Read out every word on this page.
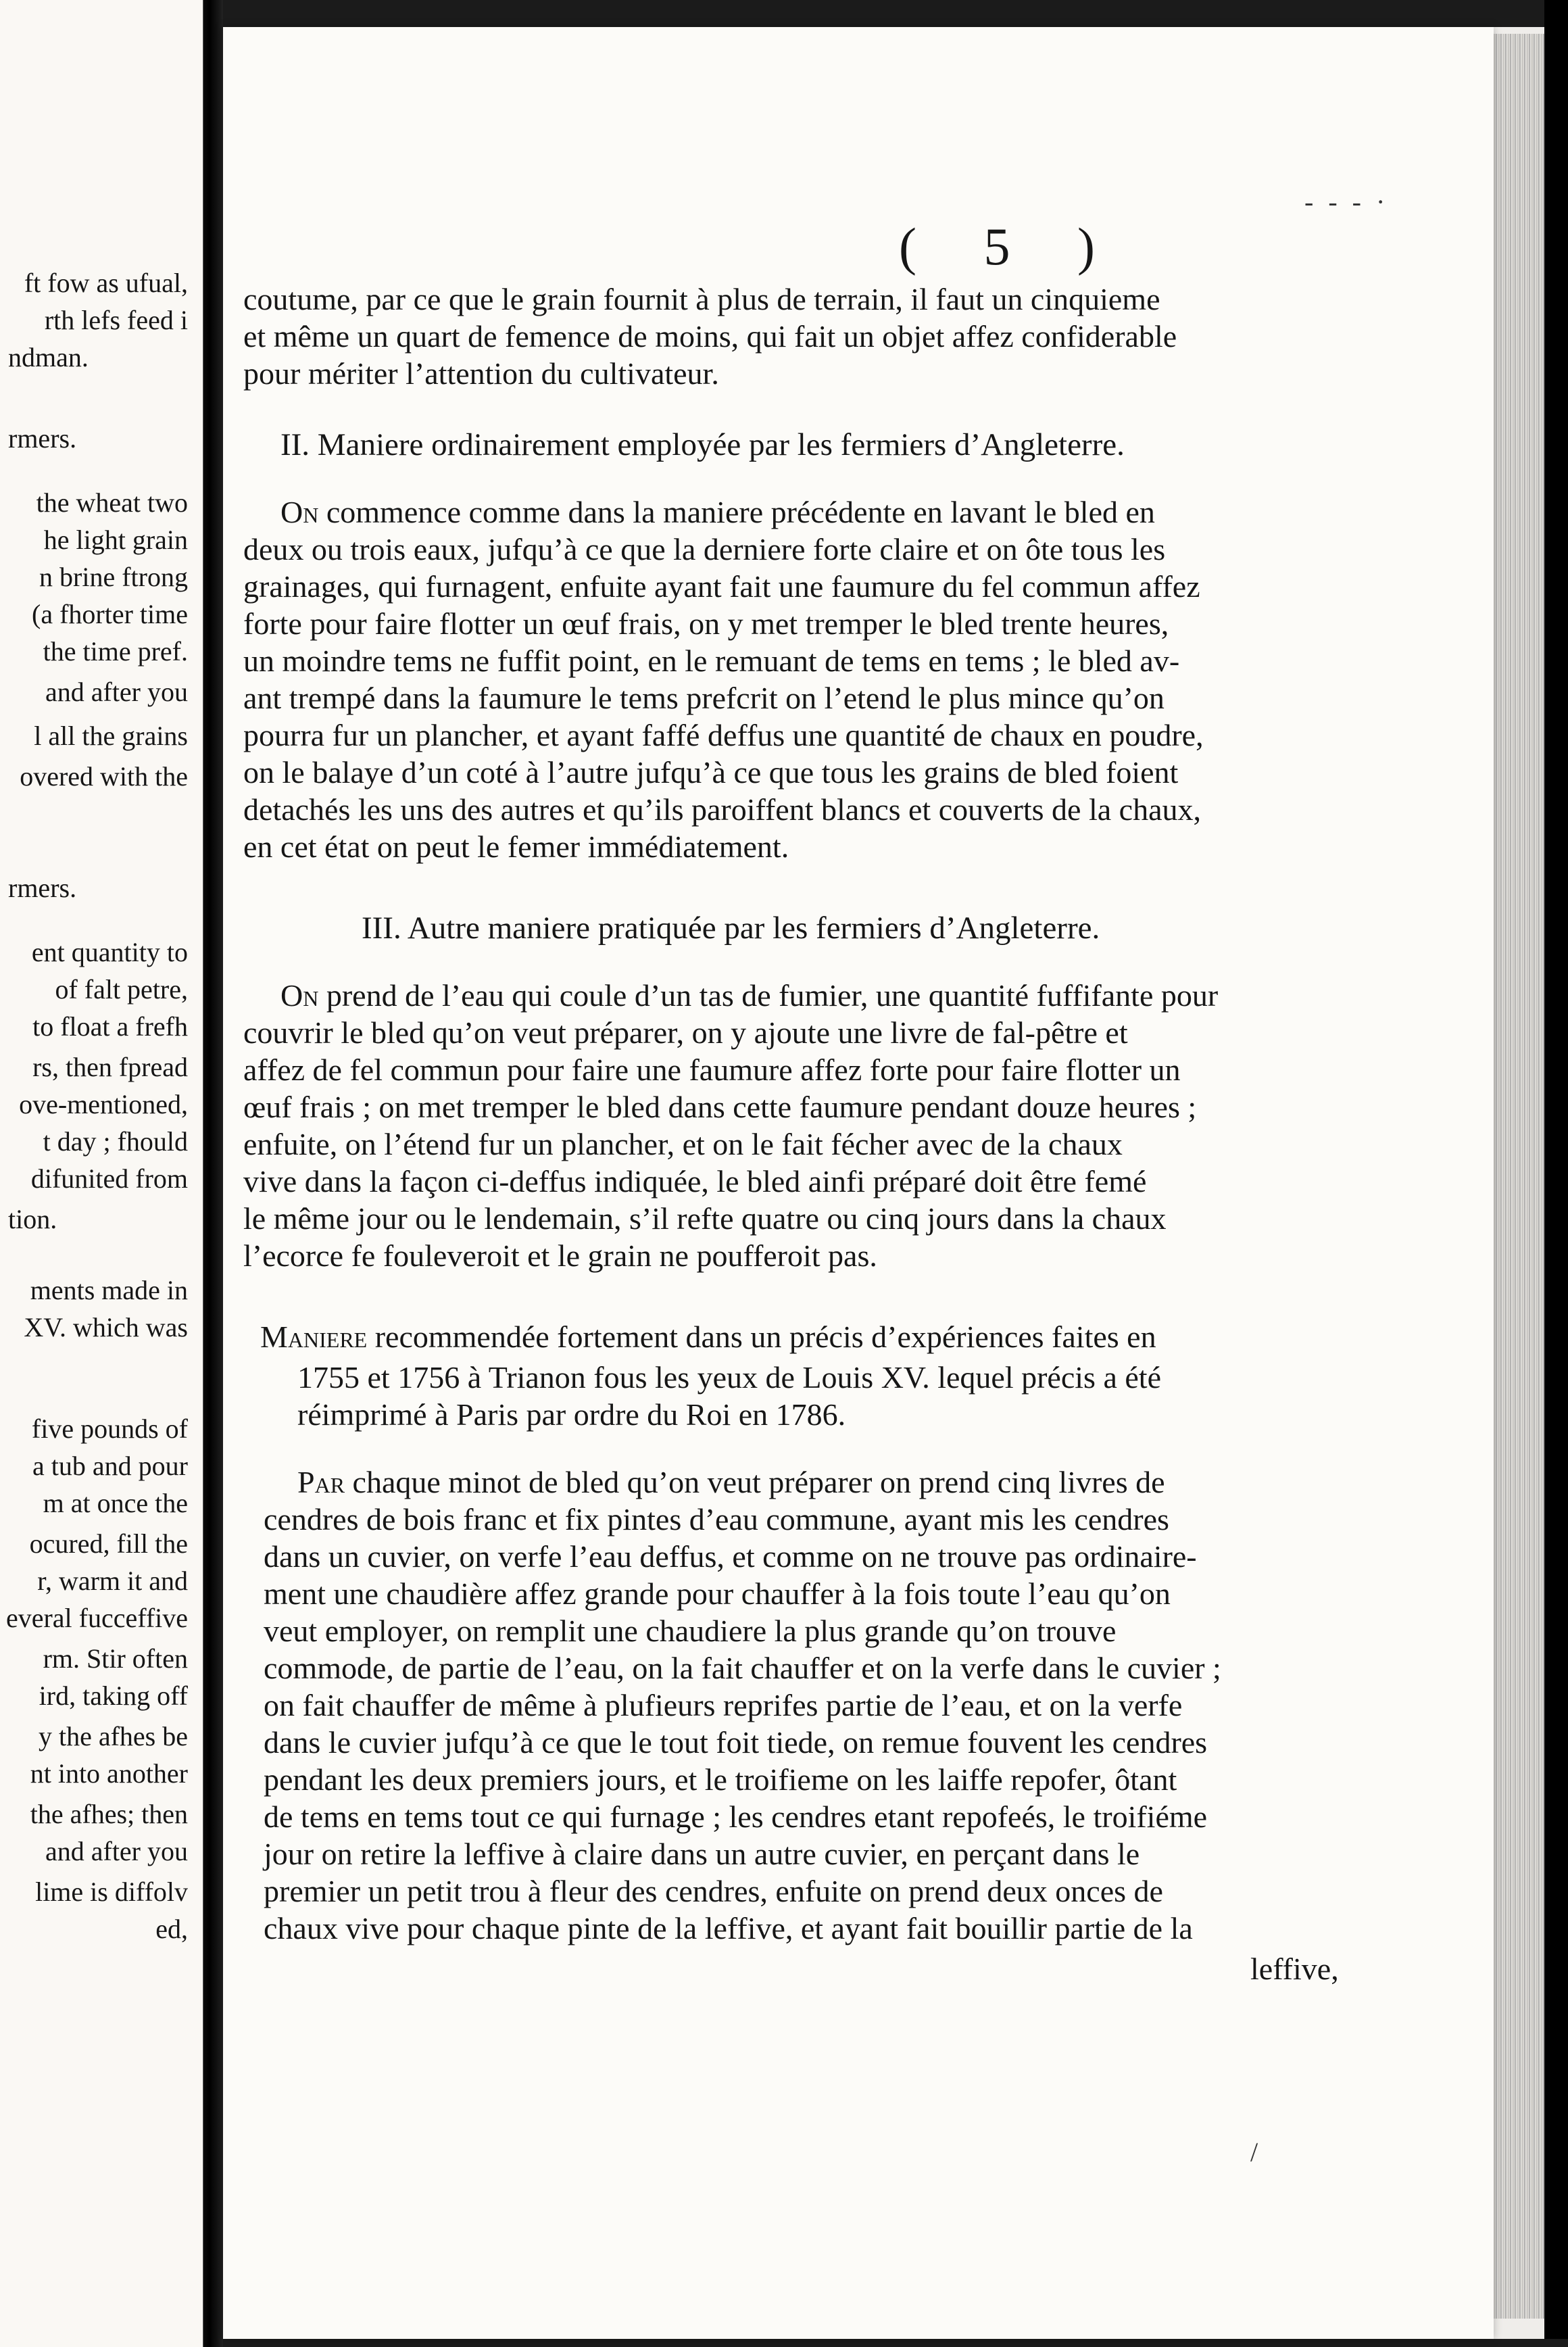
ft fow as ufual,
rth lefs feed i
ndman.
rmers.
the wheat two
he light grain
n brine ftrong
(a fhorter time
the time pref.
and after you
l all the grains
overed with the
rmers.
ent quantity to
of falt petre,
to float a frefh
rs, then fpread
ove-mentioned,
t day ; fhould
difunited from
tion.
ments made in
XV. which was
five pounds of
a tub and pour
m at once the
ocured, fill the
r, warm it and
everal fucceffive
rm. Stir often
ird, taking off
y the afhes be
nt into another
the afhes; then
and after you
lime is diffolv
ed,
( 5 )
coutume, par ce que le grain fournit à plus de terrain, il faut un cinquieme
et même un quart de femence de moins, qui fait un objet affez confiderable
pour mériter l’attention du cultivateur.
II. Maniere ordinairement employée par les fermiers d’Angleterre.
On commence comme dans la maniere précédente en lavant le bled en
deux ou trois eaux, jufqu’à ce que la derniere forte claire et on ôte tous les
grainages, qui furnagent, enfuite ayant fait une faumure du fel commun affez
forte pour faire flotter un œuf frais, on y met tremper le bled trente heures,
un moindre tems ne fuffit point, en le remuant de tems en tems ; le bled av-
ant trempé dans la faumure le tems prefcrit on l’etend le plus mince qu’on
pourra fur un plancher, et ayant faffé deffus une quantité de chaux en poudre,
on le balaye d’un coté à l’autre jufqu’à ce que tous les grains de bled foient
detachés les uns des autres et qu’ils paroiffent blancs et couverts de la chaux,
en cet état on peut le femer immédiatement.
III. Autre maniere pratiquée par les fermiers d’Angleterre.
On prend de l’eau qui coule d’un tas de fumier, une quantité fuffifante pour
couvrir le bled qu’on veut préparer, on y ajoute une livre de fal-pêtre et
affez de fel commun pour faire une faumure affez forte pour faire flotter un
œuf frais ; on met tremper le bled dans cette faumure pendant douze heures ;
enfuite, on l’étend fur un plancher, et on le fait fécher avec de la chaux
vive dans la façon ci-deffus indiquée, le bled ainfi préparé doit être femé
le même jour ou le lendemain, s’il refte quatre ou cinq jours dans la chaux
l’ecorce fe fouleveroit et le grain ne poufferoit pas.
Maniere recommendée fortement dans un précis d’expériences faites en
1755 et 1756 à Trianon fous les yeux de Louis XV. lequel précis a été
réimprimé à Paris par ordre du Roi en 1786.
Par chaque minot de bled qu’on veut préparer on prend cinq livres de
cendres de bois franc et fix pintes d’eau commune, ayant mis les cendres
dans un cuvier, on verfe l’eau deffus, et comme on ne trouve pas ordinaire-
ment une chaudière affez grande pour chauffer à la fois toute l’eau qu’on
veut employer, on remplit une chaudiere la plus grande qu’on trouve
commode, de partie de l’eau, on la fait chauffer et on la verfe dans le cuvier ;
on fait chauffer de même à plufieurs reprifes partie de l’eau, et on la verfe
dans le cuvier jufqu’à ce que le tout foit tiede, on remue fouvent les cendres
pendant les deux premiers jours, et le troifieme on les laiffe repofer, ôtant
de tems en tems tout ce qui furnage ; les cendres etant repofeés, le troifiéme
jour on retire la leffive à claire dans un autre cuvier, en perçant dans le
premier un petit trou à fleur des cendres, enfuite on prend deux onces de
chaux vive pour chaque pinte de la leffive, et ayant fait bouillir partie de la
leffive,
- - - ·
/
